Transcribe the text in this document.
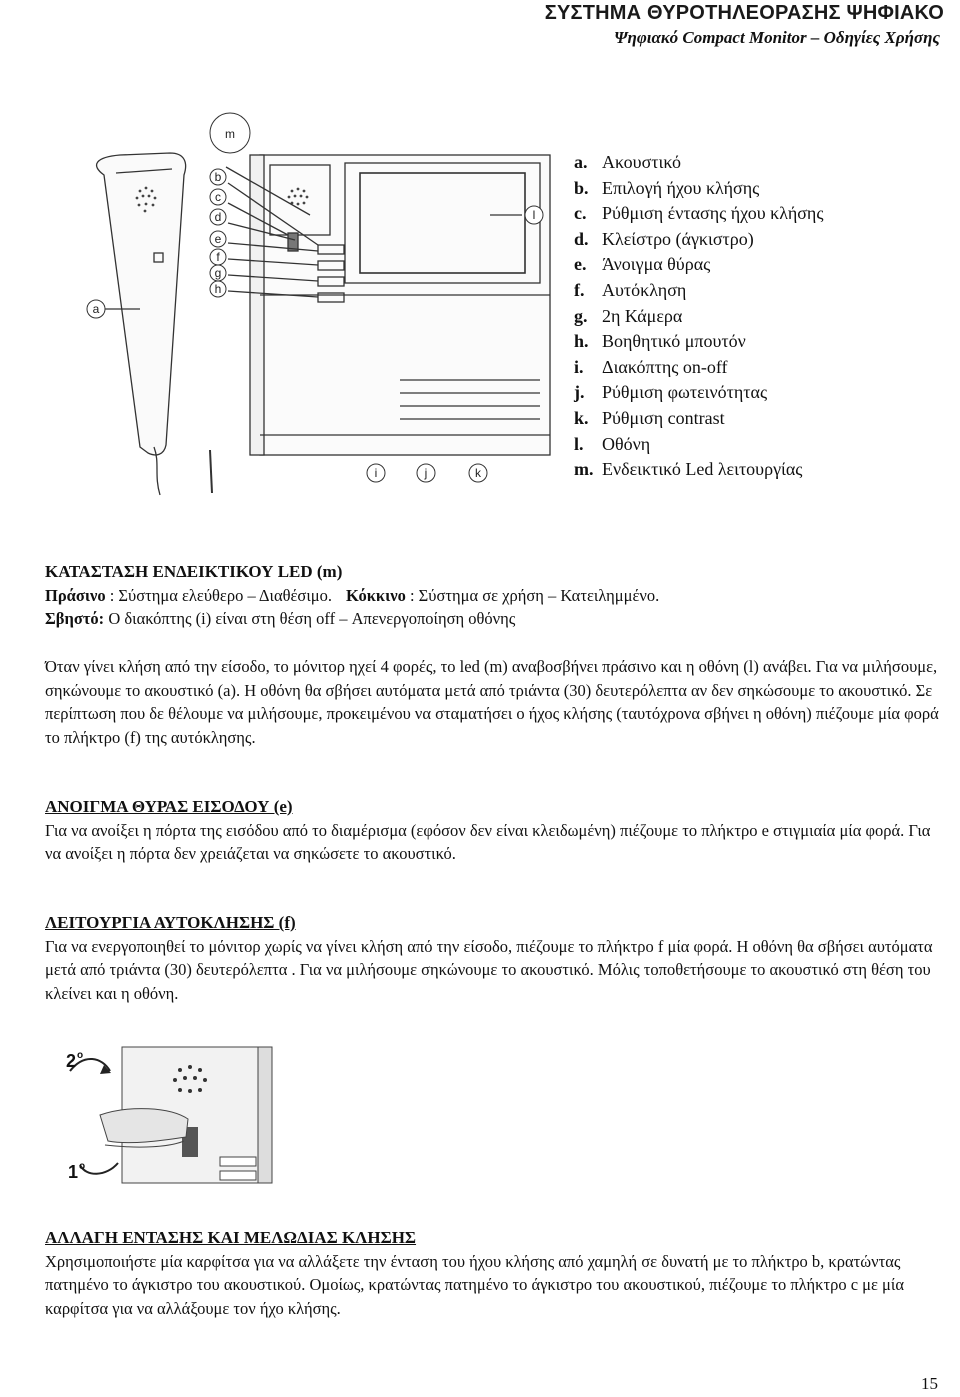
ΣΥΣΤΗΜΑ ΘΥΡΟΤΗΛΕΟΡΑΣΗΣ ΨΗΦΙΑΚΟ
Ψηφιακό Compact Monitor – Οδηγίες Χρήσης
m
b
c
d
e
f
g
h
a
l
i	j	k
a. Ακουστικό
b. Επιλογή ήχου κλήσης
c. Ρύθμιση έντασης ήχου κλήσης
d. Κλείστρο (άγκιστρο)
e. Άνοιγμα θύρας
f. Αυτόκληση
g. 2η Κάμερα
h. Βοηθητικό μπουτόν
i. Διακόπτης on-off
j. Ρύθμιση φωτεινότητας
k. Ρύθμιση contrast
l. Οθόνη
m. Ενδεικτικό Led λειτουργίας
ΚΑΤΑΣΤΑΣΗ ΕΝΔΕΙΚΤΙΚΟΥ LED (m)

Πράσινο : Σύστημα ελεύθερο – Διαθέσιμο. Κόκκινο : Σύστημα σε χρήση – Κατειλημμένο.

Σβηστό: Ο διακόπτης (i) είναι στη θέση off – Απενεργοποίηση οθόνης

Όταν γίνει κλήση από την είσοδο, το μόνιτορ ηχεί 4 φορές, το led (m) αναβοσβήνει πράσινο και η οθόνη (l) ανάβει. Για να μιλήσουμε, σηκώνουμε το ακουστικό (a). Η οθόνη θα σβήσει αυτόματα μετά από τριάντα (30) δευτερόλεπτα αν δεν σηκώσουμε το ακουστικό. Σε περίπτωση που δε θέλουμε να μιλήσουμε, προκειμένου να σταματήσει ο ήχος κλήσης (ταυτόχρονα σβήνει η οθόνη) πιέζουμε μία φορά το πλήκτρο (f) της αυτόκλησης.

ΑΝΟΙΓΜΑ ΘΥΡΑΣ ΕΙΣΟΔΟΥ (e)

Για να ανοίξει η πόρτα της εισόδου από το διαμέρισμα (εφόσον δεν είναι κλειδωμένη) πιέζουμε το πλήκτρο e στιγμιαία μία φορά. Για να ανοίξει η πόρτα δεν χρειάζεται να σηκώσετε το ακουστικό.

ΛΕΙΤΟΥΡΓΙΑ ΑΥΤΟΚΛΗΣΗΣ (f)

Για να ενεργοποιηθεί το μόνιτορ χωρίς να γίνει κλήση από την είσοδο, πιέζουμε το πλήκτρο f μία φορά. Η οθόνη θα σβήσει αυτόματα μετά από τριάντα (30) δευτερόλεπτα . Για να μιλήσουμε σηκώνουμε το ακουστικό. Μόλις τοποθετήσουμε το ακουστικό στη θέση του κλείνει και η οθόνη.

2 o
1 o
ΑΛΛΑΓΗ ΕΝΤΑΣΗΣ ΚΑΙ ΜΕΛΩΔΙΑΣ ΚΛΗΣΗΣ

Χρησιμοποιήστε μία καρφίτσα για να αλλάξετε την ένταση του ήχου κλήσης από χαμηλή σε δυνατή με το πλήκτρο b, κρατώντας πατημένο το άγκιστρο του ακουστικού. Ομοίως, κρατώντας πατημένο το άγκιστρο του ακουστικού, πιέζουμε το πλήκτρο c με μία καρφίτσα για να αλλάξουμε τον ήχο κλήσης.

15
